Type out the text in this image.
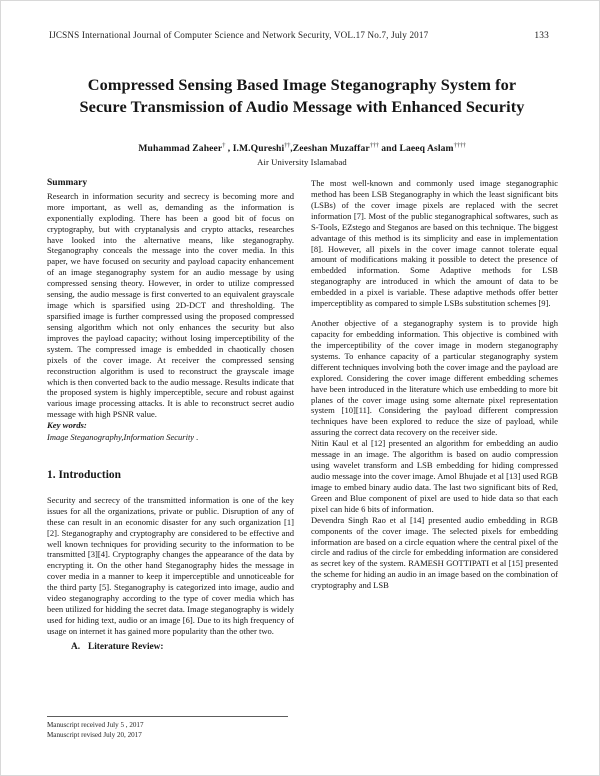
IJCSNS International Journal of Computer Science and Network Security, VOL.17 No.7, July 2017	133
Compressed Sensing Based Image Steganography System for
Secure Transmission of Audio Message with Enhanced Security
Muhammad Zaheer† , I.M.Qureshi††,Zeeshan Muzaffar††† and Laeeq Aslam††††
Air University Islamabad
Summary
Research in information security and secrecy is becoming more and more important, as well as, demanding as the information is exponentially exploding. There has been a good bit of focus on cryptography, but with cryptanalysis and crypto attacks, researches have looked into the alternative means, like steganography. Steganography conceals the message into the cover media. In this paper, we have focused on security and payload capacity enhancement of an image steganography system for an audio message by using compressed sensing theory. However, in order to utilize compressed sensing, the audio message is first converted to an equivalent grayscale image which is sparsified using 2D-DCT and thresholding. The sparsified image is further compressed using the proposed compressed sensing algorithm which not only enhances the security but also improves the payload capacity; without losing imperceptibility of the system. The compressed image is embedded in chaotically chosen pixels of the cover image. At receiver the compressed sensing reconstruction algorithm is used to reconstruct the grayscale image which is then converted back to the audio message. Results indicate that the proposed system is highly imperceptible, secure and robust against various image processing attacks. It is able to reconstruct secret audio message with high PSNR value.
Key words:
Image Steganography,Information Security .
1. Introduction
Security and secrecy of the transmitted information is one of the key issues for all the organizations, private or public. Disruption of any of these can result in an economic disaster for any such organization [1][2]. Steganography and cryptography are considered to be effective and well known techniques for providing security to the information to be transmitted [3][4]. Cryptography changes the appearance of the data by encrypting it. On the other hand Steganography hides the message in cover media in a manner to keep it imperceptible and unnoticeable for the third party [5]. Steganography is categorized into image, audio and video steganography according to the type of cover media which has been utilized for hidding the secret data. Image steganography is widely used for hiding text, audio or an image [6]. Due to its high frequency of usage on internet it has gained more popularity than the other two.
A. Literature Review:
The most well-known and commonly used image steganographic method has been LSB Steganography in which the least significant bits (LSBs) of the cover image pixels are replaced with the secret information [7]. Most of the public steganographical softwares, such as S-Tools, EZstego and Steganos are based on this technique. The biggest advantage of this method is its simplicity and ease in implementation [8]. However, all pixels in the cover image cannot tolerate equal amount of modifications making it possible to detect the presence of embedded information. Some Adaptive methods for LSB steganography are introduced in which the amount of data to be embedded in a pixel is variable. These adaptive methods offer better imperceptiblity as compared to simple LSBs substitution schemes [9].
Another objective of a steganography system is to provide high capacity for embedding information. This objective is combined with the imperceptibility of the cover image in modern steganography systems. To enhance capacity of a particular steganography system different techniques involving both the cover image and the payload are explored. Considering the cover image different embedding schemes have been introduced in the literature which use embedding to more bit planes of the cover image using some alternate pixel representation system [10][11]. Considering the payload different compression techniques have been explored to reduce the size of payload, while assuring the correct data recovery on the receiver side.
Nitin Kaul et al [12] presented an algorithm for embedding an audio message in an image. The algorithm is based on audio compression using wavelet transform and LSB embedding for hiding compressed audio message into the cover image. Amol Bhujade et al [13] used RGB image to embed binary audio data. The last two significant bits of Red, Green and Blue component of pixel are used to hide data so that each pixel can hide 6 bits of information.
Devendra Singh Rao et al [14] presented audio embedding in RGB components of the cover image. The selected pixels for embedding information are based on a circle equation where the central pixel of the circle and radius of the circle for embedding information are considered as secret key of the system. RAMESH GOTTIPATI et al [15] presented the scheme for hiding an audio in an image based on the combination of cryptography and LSB
Manuscript received July 5 , 2017
Manuscript revised July 20, 2017
